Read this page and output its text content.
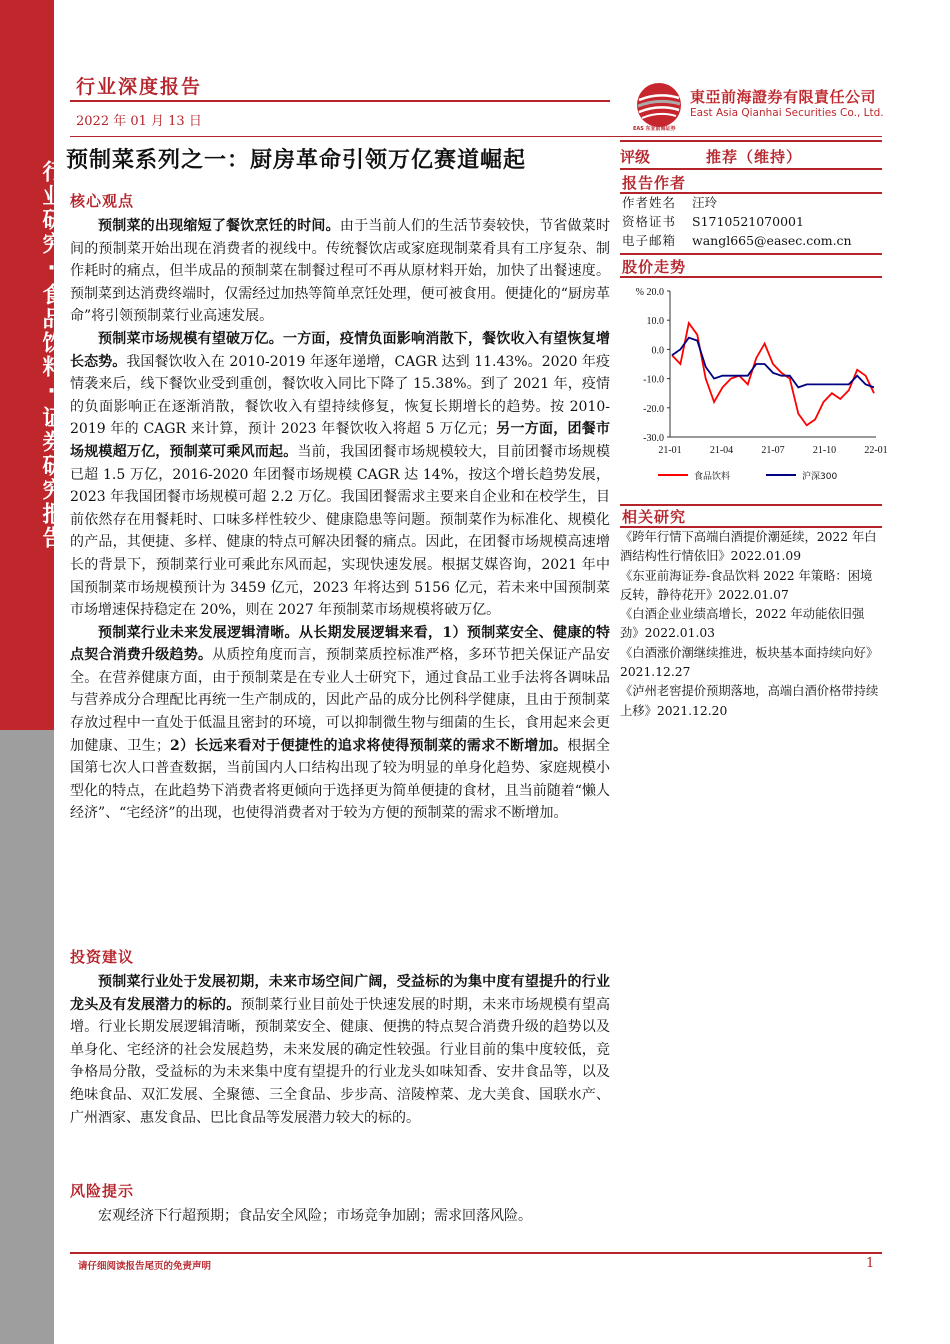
行业研究·食品饮料·证券研究报告
行业深度报告
2022 年 01 月 13 日
预制菜系列之一：厨房革命引领万亿赛道崛起
EAS 东亚前海证券
東亞前海證券有限責任公司
East Asia Qianhai Securities Co., Ltd.
评级	推荐（维持）
报告作者
作者姓名 汪玲
资格证书 S1710521070001
电子邮箱 wangl665@easec.com.cn
股价走势
% 20.0
10.0
0.0
-10.0
-20.0
-30.0
21-01	21-04	21-07	21-10	22-01
食品饮料	沪深300
相关研究
《跨年行情下高端白酒提价潮延续，2022 年白酒结构性行情依旧》2022.01.09
《东亚前海证券-食品饮料 2022 年策略：困境反转，静待花开》2022.01.07
《白酒企业业绩高增长，2022 年动能依旧强劲》2022.01.03
《白酒涨价潮继续推进，板块基本面持续向好》2021.12.27
《泸州老窖提价预期落地，高端白酒价格带持续上移》2021.12.20
核心观点

预制菜的出现缩短了餐饮烹饪的时间。由于当前人们的生活节奏较快，节省做菜时间的预制菜开始出现在消费者的视线中。传统餐饮店或家庭现制菜肴具有工序复杂、制作耗时的痛点，但半成品的预制菜在制餐过程可不再从原材料开始，加快了出餐速度。预制菜到达消费终端时，仅需经过加热等简单烹饪处理，便可被食用。便捷化的“厨房革命”将引领预制菜行业高速发展。

预制菜市场规模有望破万亿。一方面，疫情负面影响消散下，餐饮收入有望恢复增长态势。我国餐饮收入在 2010-2019 年逐年递增，CAGR 达到 11.43%。2020 年疫情袭来后，线下餐饮业受到重创，餐饮收入同比下降了 15.38%。到了 2021 年，疫情的负面影响正在逐渐消散，餐饮收入有望持续修复，恢复长期增长的趋势。按 2010-2019 年的 CAGR 来计算，预计 2023 年餐饮收入将超 5 万亿元；另一方面，团餐市场规模超万亿，预制菜可乘风而起。当前，我国团餐市场规模较大，目前团餐市场规模已超 1.5 万亿，2016-2020 年团餐市场规模 CAGR 达 14%，按这个增长趋势发展，2023 年我国团餐市场规模可超 2.2 万亿。我国团餐需求主要来自企业和在校学生，目前依然存在用餐耗时、口味多样性较少、健康隐患等问题。预制菜作为标准化、规模化的产品，其便捷、多样、健康的特点可解决团餐的痛点。因此，在团餐市场规模高速增长的背景下，预制菜行业可乘此东风而起，实现快速发展。根据艾媒咨询，2021 年中国预制菜市场规模预计为 3459 亿元，2023 年将达到 5156 亿元，若未来中国预制菜市场增速保持稳定在 20%，则在 2027 年预制菜市场规模将破万亿。

预制菜行业未来发展逻辑清晰。从长期发展逻辑来看，1）预制菜安全、健康的特点契合消费升级趋势。从质控角度而言，预制菜质控标准严格，多环节把关保证产品安全。在营养健康方面，由于预制菜是在专业人士研究下，通过食品工业手法将各调味品与营养成分合理配比再统一生产制成的，因此产品的成分比例科学健康，且由于预制菜存放过程中一直处于低温且密封的环境，可以抑制微生物与细菌的生长，食用起来会更加健康、卫生；2）长远来看对于便捷性的追求将使得预制菜的需求不断增加。根据全国第七次人口普查数据，当前国内人口结构出现了较为明显的单身化趋势、家庭规模小型化的特点，在此趋势下消费者将更倾向于选择更为简单便捷的食材，且当前随着“懒人经济”、“宅经济”的出现，也使得消费者对于较为方便的预制菜的需求不断增加。

投资建议

预制菜行业处于发展初期，未来市场空间广阔，受益标的为集中度有望提升的行业龙头及有发展潜力的标的。预制菜行业目前处于快速发展的时期，未来市场规模有望高增。行业长期发展逻辑清晰，预制菜安全、健康、便携的特点契合消费升级的趋势以及单身化、宅经济的社会发展趋势，未来发展的确定性较强。行业目前的集中度较低，竞争格局分散，受益标的为未来集中度有望提升的行业龙头如味知香、安井食品等，以及绝味食品、双汇发展、全聚德、三全食品、步步高、涪陵榨菜、龙大美食、国联水产、广州酒家、惠发食品、巴比食品等发展潜力较大的标的。

风险提示

宏观经济下行超预期；食品安全风险；市场竞争加剧；需求回落风险。

请仔细阅读报告尾页的免责声明	1
